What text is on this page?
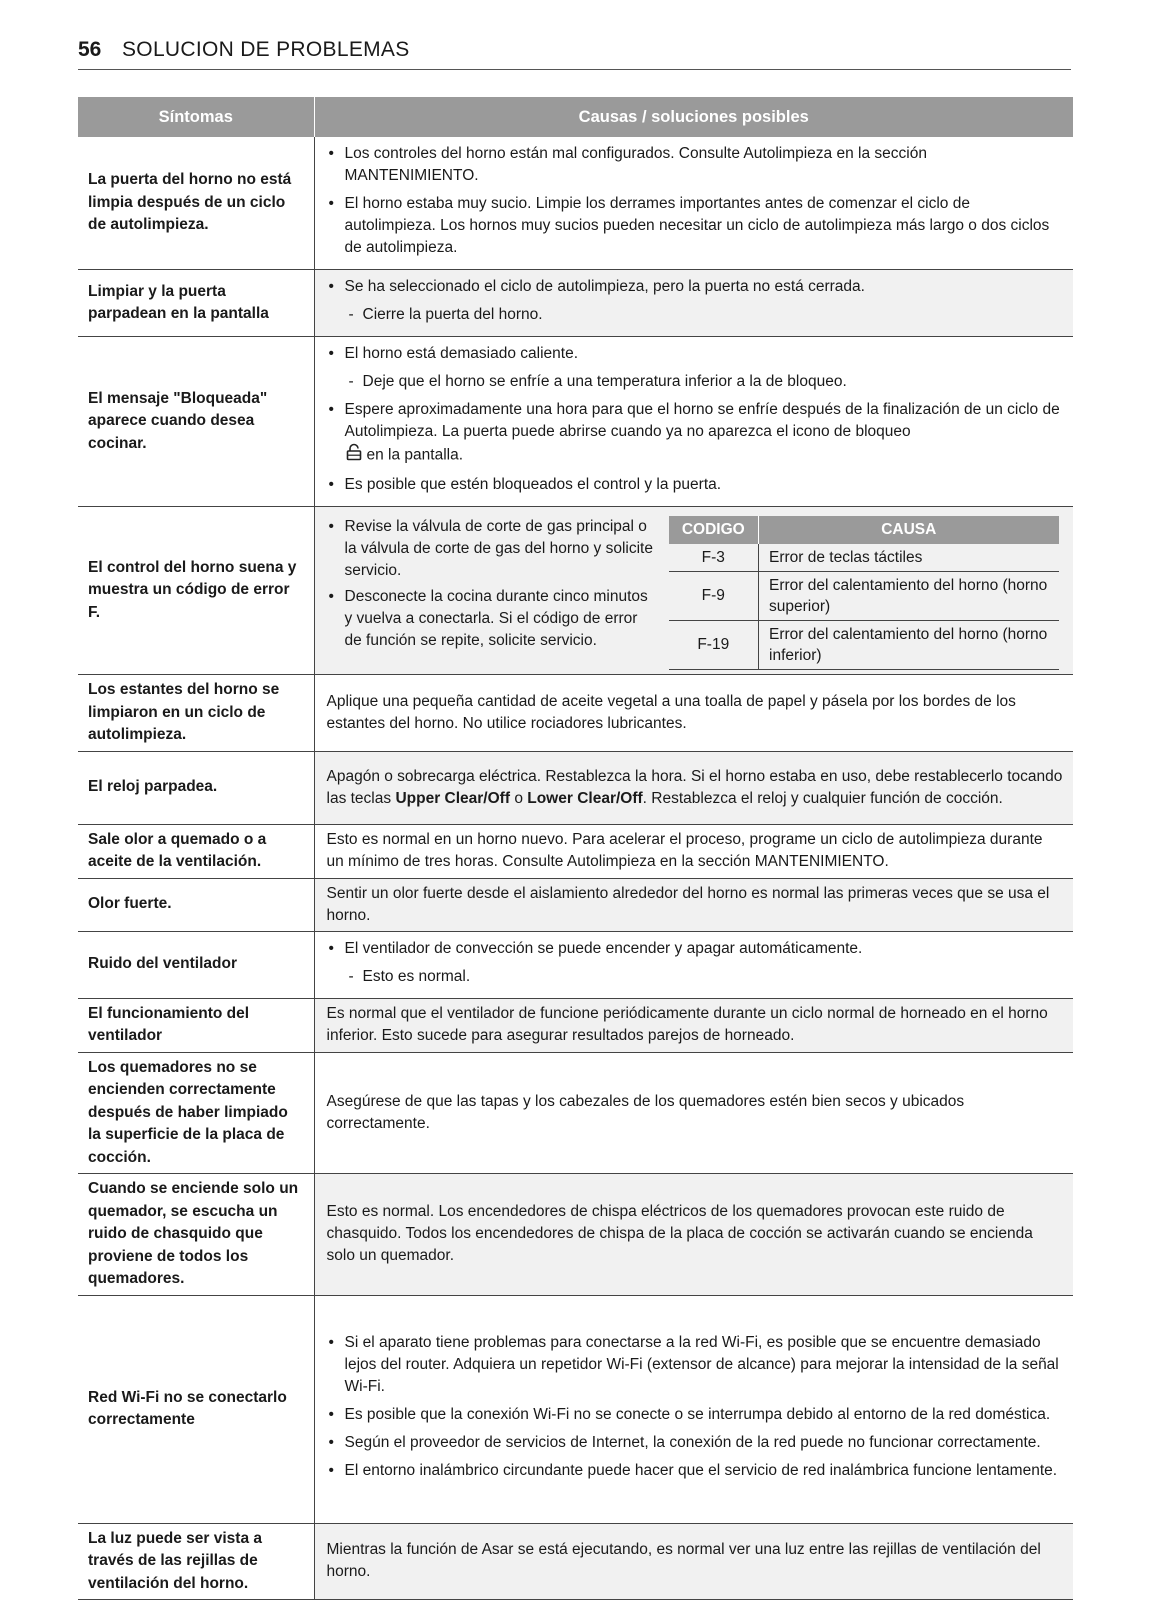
56 SOLUCION DE PROBLEMAS
Síntomas	Causas / soluciones posibles
La puerta del horno no está limpia después de un ciclo de autolimpieza.	
• Los controles del horno están mal configurados. Consulte Autolimpieza en la sección MANTENIMIENTO.
• El horno estaba muy sucio. Limpie los derrames importantes antes de comenzar el ciclo de autolimpieza. Los hornos muy sucios pueden necesitar un ciclo de autolimpieza más largo o dos ciclos de autolimpieza.

Limpiar y la puerta parpadean en la pantalla	
• Se ha seleccionado el ciclo de autolimpieza, pero la puerta no está cerrada.
- Cierre la puerta del horno.

El mensaje "Bloqueada" aparece cuando desea cocinar.	
• El horno está demasiado caliente.
- Deje que el horno se enfríe a una temperatura inferior a la de bloqueo.
• Espere aproximadamente una hora para que el horno se enfríe después de la finalización de un ciclo de Autolimpieza. La puerta puede abrirse cuando ya no aparezca el icono de bloqueo
en la pantalla.
• Es posible que estén bloqueados el control y la puerta.

El control del horno suena y muestra un código de error F.	
• Revise la válvula de corte de gas principal o la válvula de corte de gas del horno y solicite servicio.
• Desconecte la cocina durante cinco minutos y vuelva a conectarla. Si el código de error de función se repite, solicite servicio.
CODIGO	CAUSA
F-3	Error de teclas táctiles
F-9	Error del calentamiento del horno (horno superior)
F-19	Error del calentamiento del horno (horno inferior)

Los estantes del horno se limpiaron en un ciclo de autolimpieza.	Aplique una pequeña cantidad de aceite vegetal a una toalla de papel y pásela por los bordes de los estantes del horno. No utilice rociadores lubricantes.
El reloj parpadea.	Apagón o sobrecarga eléctrica. Restablezca la hora. Si el horno estaba en uso, debe restablecerlo tocando las teclas Upper Clear/Off o Lower Clear/Off. Restablezca el reloj y cualquier función de cocción.
Sale olor a quemado o a aceite de la ventilación.	Esto es normal en un horno nuevo. Para acelerar el proceso, programe un ciclo de autolimpieza durante un mínimo de tres horas. Consulte Autolimpieza en la sección MANTENIMIENTO.
Olor fuerte.	Sentir un olor fuerte desde el aislamiento alrededor del horno es normal las primeras veces que se usa el horno.
Ruido del ventilador	
• El ventilador de convección se puede encender y apagar automáticamente.
- Esto es normal.

El funcionamiento del ventilador	Es normal que el ventilador de funcione periódicamente durante un ciclo normal de horneado en el horno inferior. Esto sucede para asegurar resultados parejos de horneado.
Los quemadores no se encienden correctamente después de haber limpiado la superficie de la placa de cocción.	Asegúrese de que las tapas y los cabezales de los quemadores estén bien secos y ubicados correctamente.
Cuando se enciende solo un quemador, se escucha un ruido de chasquido que proviene de todos los quemadores.	Esto es normal. Los encendedores de chispa eléctricos de los quemadores provocan este ruido de chasquido. Todos los encendedores de chispa de la placa de cocción se activarán cuando se encienda solo un quemador.
Red Wi-Fi no se conectarlo correctamente	
• Si el aparato tiene problemas para conectarse a la red Wi-Fi, es posible que se encuentre demasiado lejos del router. Adquiera un repetidor Wi-Fi (extensor de alcance) para mejorar la intensidad de la señal Wi-Fi.
• Es posible que la conexión Wi-Fi no se conecte o se interrumpa debido al entorno de la red doméstica.
• Según el proveedor de servicios de Internet, la conexión de la red puede no funcionar correctamente.
• El entorno inalámbrico circundante puede hacer que el servicio de red inalámbrica funcione lentamente.

La luz puede ser vista a través de las rejillas de ventilación del horno.	Mientras la función de Asar se está ejecutando, es normal ver una luz entre las rejillas de ventilación del horno.
